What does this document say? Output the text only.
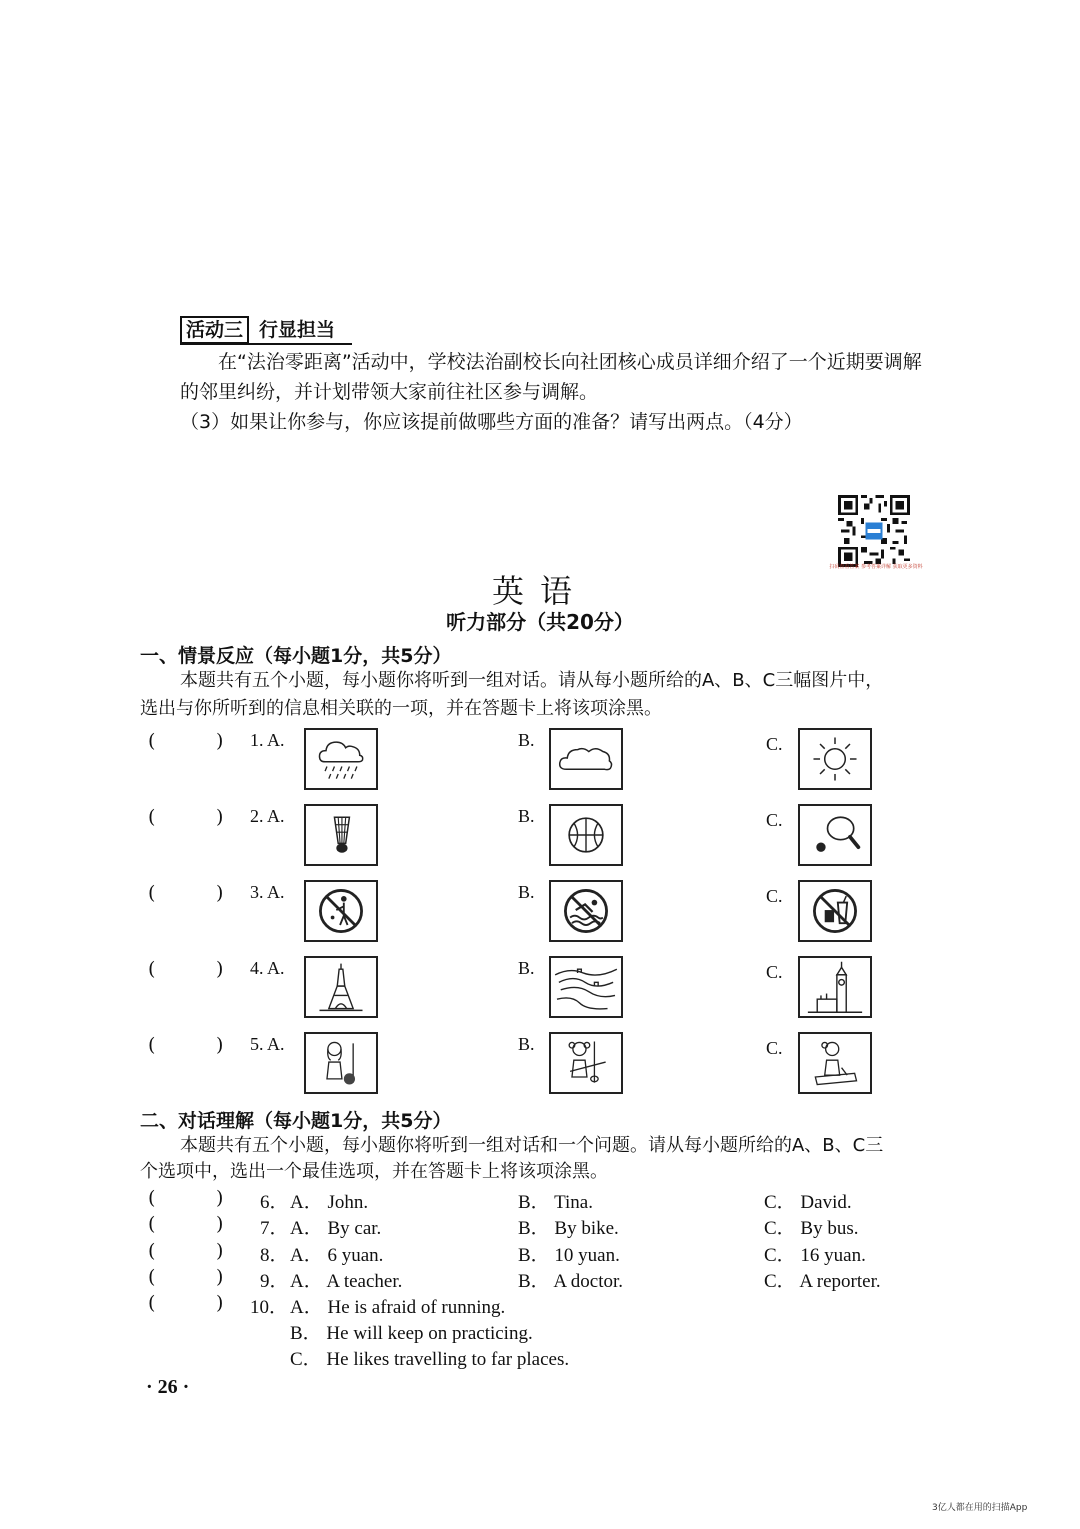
活动三 行显担当
在“法治零距离”活动中，学校法治副校长向社团核心成员详细介绍了一个近期要调解
的邻里纠纷，并计划带领大家前往社区参与调解。
（3）如果让你参与，你应该提前做哪些方面的准备？请写出两点。（4分）
扫码查看答案 参考答案详解 获取更多资料
英语
听力部分（共20分）
一、情景反应（每小题1分，共5分）
本题共有五个小题，每小题你将听到一组对话。请从每小题所给的A、B、C三幅图片中，
选出与你所听到的信息相关联的一项，并在答题卡上将该项涂黑。
(	) 1. A.	B.	C.
(	) 2. A.	B.	C.
(	) 3. A.	B.	C.
(	) 4. A.	B.	C.
(	) 5. A.	B.	C.
二、对话理解（每小题1分，共5分）
本题共有五个小题，每小题你将听到一组对话和一个问题。请从每小题所给的A、B、C三
个选项中，选出一个最佳选项，并在答题卡上将该项涂黑。
(	) 6． A． John.	B． Tina.	C． David.
(	) 7． A． By car.	B． By bike.	C． By bus.
(	) 8． A． 6 yuan.	B． 10 yuan.	C． 16 yuan.
(	) 9． A． A teacher.	B． A doctor.	C． A reporter.
(	) 10． A． He is afraid of running.
B． He will keep on practicing.
C． He likes travelling to far places.
· 26 ·
3亿人都在用的扫描App
